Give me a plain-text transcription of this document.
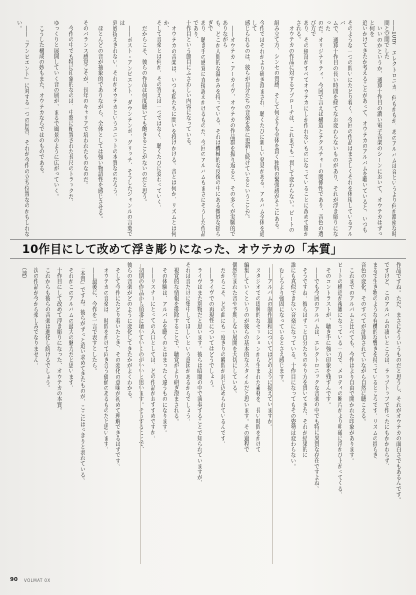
――10th、エレクトロニカ、何もかもが、あのアルバムは音というより何か濃密な時間と空間でした
　いいのかというか、通算十作目の濃い電子音楽のシーンにおいて、オウテカはずっと何を
追いかけてきたか考えることがあって、オウテカのアルバムを聴いていると、いつも
そのような一つの問いにたどり着く。今回の作品はまさしくそれを体現しているアルバ
ムで、通算十作目の長い時間を経てなお変わらないものがあり、それが浮き彫りになった
のだ。オリジナリティ、今回で言えば構造とテクスチャーの関係性であり、音色の選び方で
あり、その細部がすべてオウテカにしか作れないものになっていることに改めて驚かされる。
　オウテカの作品に対するアプローチは、これまでも一貫して変わらない。ビートの
組み立て方、シンセの質感、そして何よりも全体を貫く独特の緊張感がそこにある。
今作ではそれがより研ぎ澄まされ、聴くたびに新しい発見がある。アルバム全体を通して
感じられるのは、彼らが自分たちの音楽を常に更新し続けているということだ。
　――オウテカ・アーカイヴ、オウテカの作品群を振り返ると、その多くが実験的でありながら
も、どこか人間的な温かみを持っている。それは機械的な反復の中にある微妙な揺らぎで
あり、聴き手の感覚に直接訴えかけるものだ。今回のアルバムもまさにそうした作品であり、
十作目という節目にふさわしい内容になっている。
　オウテカの音楽は、いつも私たちに問いを投げかける。音とは何か、リズムとは何か、
そして音楽とは何か。その答えは一つではなく、聴くたびに変わっていく。
　だからこそ、彼らの作品は何度聴いても飽きることがないのだと思う。
　――ポスト・アンビエント、ダウンテンポ、グリッチ、そうしたジャンルの言葉では
到底捉えきれない。それがオウテカというユニットの本質なのだろう。
　ほとんどの音が抽象的でありながら、全体としては強い物語性を感じさせる。
そのバランス感覚こそが、長年のキャリアで培われたものなのだ。
　今作の中でも特に印象的なのは、中盤に配置された長尺のトラックだ。
ゆっくりと展開していく音の層が、まるで風景のように広がっていく。
　こうした構成の妙もまた、オウテカならではのものである。
　――『アンビエント』に対する一つの回答、それが今作の立ち位置なのかもしれない。
10作目にして改めて浮き彫りになった、オウテカの「本質」
作品ですね。ただ、まさにそういうものだと思うし、それがオウテカの面白さでもあるんです。
ですけど、このアルバムの凄いところは、ラップトップで作ったにもかかわらず、
まるで生き物のような有機的な響きを持っているところです。リズムの揺らぎ、
音色の変化、そのすべてが計算されていながら自然に聴こえる。
　これまでのアルバムと比べても、今作はより自由で開かれた印象があります。
ビートの構造が複雑になっている一方で、メロディの断片がより明確に浮かび上がってくる。
　そのコントラストが、聴き手に強い印象を残すんです。
　――でも今回のアルバムは、エレクトロニックな音楽の中でも特に異質な存在ですよね。
　そうですね。彼らはずっと自分たちのやり方を貫いてきた。それが結果的に
誰にも真似できない音楽になっている。十作目になってもその姿勢は変わらない。
　むしろより強固になっているとさえ感じます。
　――アルバムの制作過程についてはどのように捉えていますか。
　スタジオでの即興的なセッションから生まれた素材を、長い時間をかけて
編集していくというのが彼らの基本的なスタイルだと思います。その過程で
偶然生まれた音や予期しない展開を大切にしている。
　だからこそ、どの曲にも一度きりの瞬間が封じ込められているんです。
　――ライヴでの再現性についてはどうでしょう。
　ライヴはまた別物だと思います。彼らは暗闇の中で演奏することで知られていますが、
それは音だけに集中してほしいという意図があるからでしょう。
　視覚的な情報を排除することで、聴覚がより研ぎ澄まされる。
　その体験は、アルバムを聴くのとはまったく違うものになります。
　――リスナーにとっての入口としては、どの作品がおすすめですか。
　初期の作品から順番に聴いていくのがいいと思います。そうすることで、
彼らの音楽がどのように変化してきたかがよくわかる。
　そして今作にたどり着いたとき、その変化の意味が初めて理解できるはずです。
　オウテカの音楽は、時間をかけて向き合う価値のあるものだと思います。
　――最後に、今作を一言で表すとしたら。
　「本質」ですね。彼らがずっと追い求めてきたものが、ここにはっきりと表れている。
　それがこのアルバムの最大の魅力だと思います。
　十作目にして改めて浮き彫りになった、オウテカの本質。
　これからも彼らの音楽は進化し続けるでしょう。
　次の作品が今から楽しみでなりません。
　（談）
90 VOLMAT 0X
